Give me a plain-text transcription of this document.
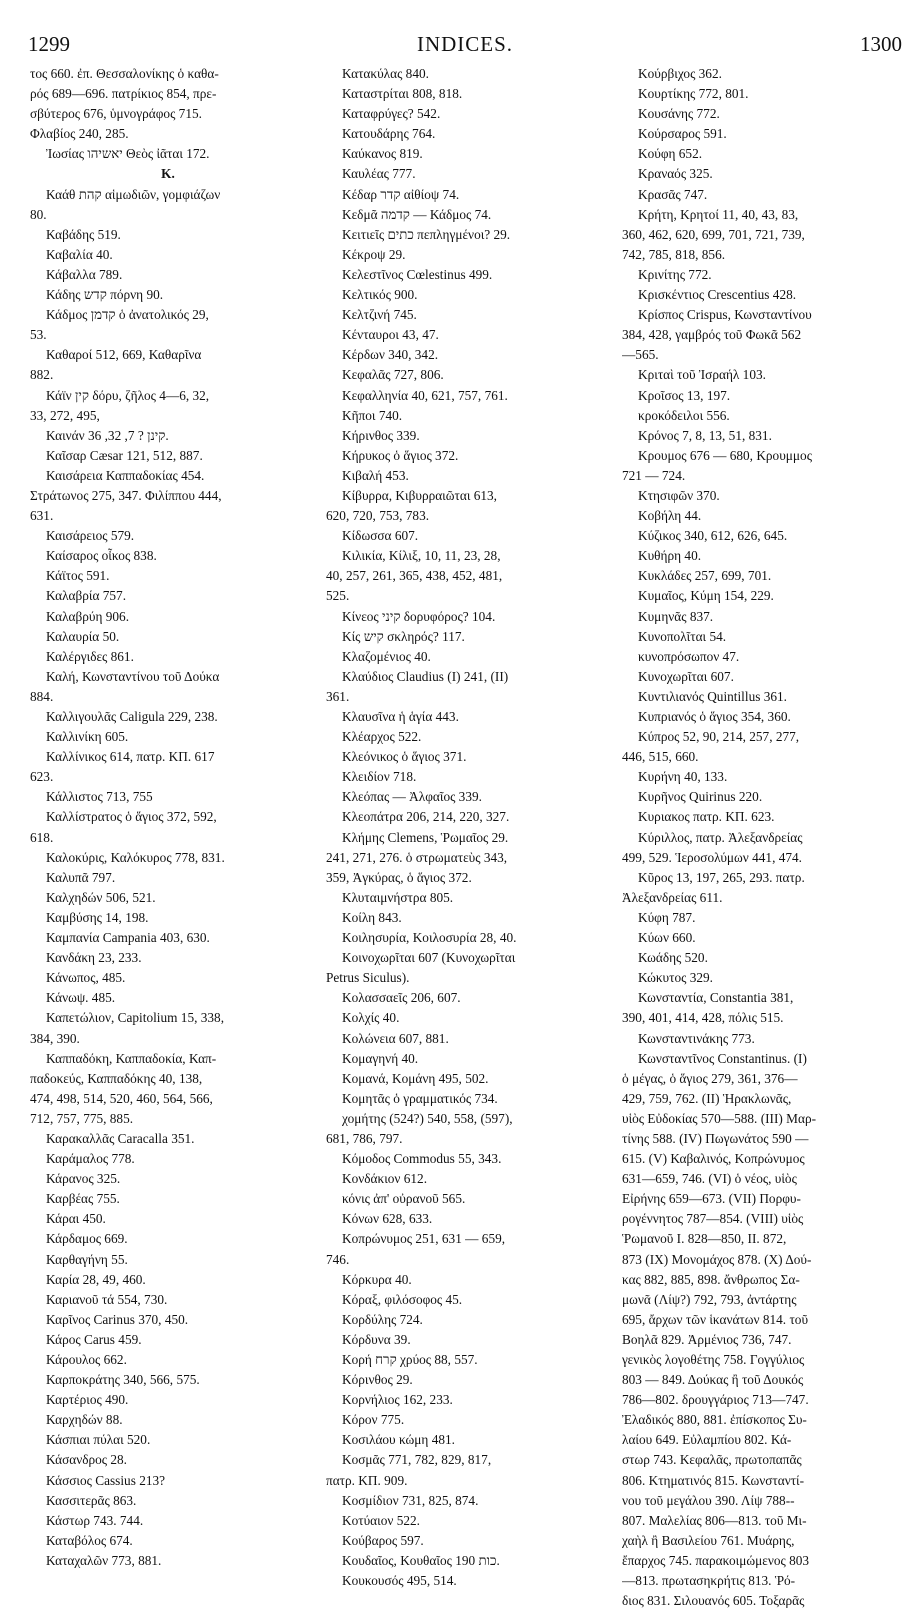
1299	INDICES.	1300
τος 660. ἐπ. Θεσσαλονίκης ὁ καθα-
ρός 689—696. πατρίκιος 854, πρε-
σβύτερος 676, ὑμνογράφος 715.
Φλαβίος 240, 285.
Ἰωσίας יאשיהו Θεὸς ἰᾶται 172.
K.
Καάθ קהת αἱμωδιῶν, γομφιάζων
80.
Καβάδης 519.
Καβαλία 40.
Κάβαλλα 789.
Κάδης קדש πόρνη 90.
Κάδμος קדמן ὁ ἀνατολικός 29,
53.
Καθαροί 512, 669, Καθαρῖνα
882.
Κάϊν קין δόρυ, ζῆλος 4—6, 32,
33, 272, 495,
Καινάν קינן ? 7, 32, 36.
Καῖσαρ Cæsar 121, 512, 887.
Καισάρεια Καππαδοκίας 454.
Στράτωνος 275, 347. Φιλίππου 444,
631.
Καισάρειος 579.
Καίσαρος οἶκος 838.
Κάϊτος 591.
Καλαβρία 757.
Καλαβρύη 906.
Καλαυρία 50.
Καλέργιδες 861.
Καλή, Κωνσταντίνου τοῦ Δούκα
884.
Καλλιγουλᾶς Caligula 229, 238.
Καλλινίκη 605.
Καλλίνικος 614, πατρ. ΚΠ. 617
623.
Κάλλιστος 713, 755
Καλλίστρατος ὁ ἅγιος 372, 592,
618.
Καλοκύρις, Καλόκυρος 778, 831.
Καλυπᾶ 797.
Καλχηδών 506, 521.
Καμβύσης 14, 198.
Καμπανία Campania 403, 630.
Κανδάκη 23, 233.
Κάνωπος, 485.
Κάνωψ. 485.
Καπετώλιον, Capitolium 15, 338,
384, 390.
Καππαδόκη, Καππαδοκία, Καπ-
παδοκεύς, Καππαδόκης 40, 138,
474, 498, 514, 520, 460, 564, 566,
712, 757, 775, 885.
Καρακαλλᾶς Caracalla 351.
Καράμαλος 778.
Κάρανος 325.
Καρβέας 755.
Κάραι 450.
Κάρδαμος 669.
Καρθαγήνη 55.
Καρία 28, 49, 460.
Καριανοῦ τά 554, 730.
Καρῖνος Carinus 370, 450.
Κάρος Carus 459.
Κάρουλος 662.
Καρποκράτης 340, 566, 575.
Καρτέριος 490.
Καρχηδών 88.
Κάσπιαι πύλαι 520.
Κάσανδρος 28.
Κάσσιος Cassius 213?
Κασσιτερᾶς 863.
Κάστωρ 743. 744.
Καταβόλος 674.
Καταχαλῶν 773, 881.
Κατακύλας 840.
Καταστρίται 808, 818.
Καταφρύγες? 542.
Κατουδάρης 764.
Καύκανος 819.
Καυλέας 777.
Κέδαρ קדר αἰθίοψ 74.
Κεδμᾶ קדמה — Κάδμος 74.
Κειτιεῖς כתים πεπληγμένοι? 29.
Κέκροψ 29.
Κελεστῖνος Cœlestinus 499.
Κελτικός 900.
Κελτζινή 745.
Κένταυροι 43, 47.
Κέρδων 340, 342.
Κεφαλᾶς 727, 806.
Κεφαλληνία 40, 621, 757, 761.
Κῆποι 740.
Κήρινθος 339.
Κήρυκος ὁ ἅγιος 372.
Κιβαλή 453.
Κίβυρρα, Κιβυρραιῶται 613,
620, 720, 753, 783.
Κίδωσσα 607.
Κιλικία, Κίλιξ, 10, 11, 23, 28,
40, 257, 261, 365, 438, 452, 481,
525.
Κίνεος קיני δορυφόρος? 104.
Κίς קיש σκληρός? 117.
Κλαζομένιος 40.
Κλαύδιος Claudius (I) 241, (II)
361.
Κλαυσῖνα ἡ ἁγία 443.
Κλέαρχος 522.
Κλεόνικος ὁ ἅγιος 371.
Κλειδίον 718.
Κλεόπας — Ἀλφαῖος 339.
Κλεοπάτρα 206, 214, 220, 327.
Κλήμης Clemens, Ῥωμαῖος 29.
241, 271, 276. ὁ στρωματεὺς 343,
359, Ἀγκύρας, ὁ ἅγιος 372.
Κλυταιμνήστρα 805.
Κοίλη 843.
Κοιλησυρία, Κοιλοσυρία 28, 40.
Κοινοχωρῖται 607 (Κυνοχωρῖται
Petrus Siculus).
Κολασσαεῖς 206, 607.
Κολχίς 40.
Κολώνεια 607, 881.
Κομαγηνή 40.
Κομανά, Κομάνη 495, 502.
Κομητᾶς ὁ γραμματικός 734.
χομήτης (524?) 540, 558, (597),
681, 786, 797.
Κόμοδος Commodus 55, 343.
Κονδάκιον 612.
κόνις ἀπ' οὐρανοῦ 565.
Κόνων 628, 633.
Κοπρώνυμος 251, 631 — 659,
746.
Κόρκυρα 40.
Κόραξ, φιλόσοφος 45.
Κορδύλης 724.
Κόρδυνα 39.
Κορή קרח χρύος 88, 557.
Κόρινθος 29.
Κορνήλιος 162, 233.
Κόρον 775.
Κοσιλάου κώμη 481.
Κοσμᾶς 771, 782, 829, 817,
πατρ. ΚΠ. 909.
Κοσμίδιον 731, 825, 874.
Κοτύαιον 522.
Κούβαρος 597.
Κουδαῖος, Κουθαῖος כות 190.
Κουκουσός 495, 514.
Κούρβιχος 362.
Κουρτίκης 772, 801.
Κουσάνης 772.
Κούρσαρος 591.
Κούφη 652.
Κραναός 325.
Κρασᾶς 747.
Κρήτη, Κρητοί 11, 40, 43, 83,
360, 462, 620, 699, 701, 721, 739,
742, 785, 818, 856.
Κρινίτης 772.
Κρισκέντιος Crescentius 428.
Κρίσπος Crispus, Κωνσταντίνου
384, 428, γαμβρός τοῦ Φωκᾶ 562
—565.
Κριταὶ τοῦ Ἰσραήλ 103.
Κροῖσος 13, 197.
κροκόδειλοι 556.
Κρόνος 7, 8, 13, 51, 831.
Κρουμος 676 — 680, Κρουμμος
721 — 724.
Κτησιφῶν 370.
Κοβήλη 44.
Κύζικος 340, 612, 626, 645.
Κυθήρη 40.
Κυκλάδες 257, 699, 701.
Κυμαῖος, Κύμη 154, 229.
Κυμηνᾶς 837.
Κυνοπολῖται 54.
κυνοπρόσωπον 47.
Κυνοχωρῖται 607.
Κυντιλιανός Quintillus 361.
Κυπριανός ὁ ἅγιος 354, 360.
Κύπρος 52, 90, 214, 257, 277,
446, 515, 660.
Κυρήνη 40, 133.
Κυρῆνος Quirinus 220.
Κυριακος πατρ. ΚΠ. 623.
Κύριλλος, πατρ. Ἀλεξανδρείας
499, 529. Ἱεροσολύμων 441, 474.
Κῦρος 13, 197, 265, 293. πατρ.
Ἀλεξανδρείας 611.
Κύφη 787.
Κύων 660.
Κωάδης 520.
Κώκυτος 329.
Κωνσταντία, Constantia 381,
390, 401, 414, 428, πόλις 515.
Κωνσταντινάκης 773.
Κωνσταντῖνος Constantinus. (I)
ὁ μέγας, ὁ ἅγιος 279, 361, 376—
429, 759, 762. (II) Ἡρακλωνᾶς,
υἱὸς Εὐδοκίας 570—588. (III) Μαρ-
τίνης 588. (IV) Πωγωνάτος 590 —
615. (V) Καβαλινός, Κοπρώνυμος
631—659, 746. (VI) ὁ νέος, υἱὸς
Εἰρήνης 659—673. (VII) Πορφυ-
ρογέννητος 787—854. (VIII) υἱὸς
Ῥωμανοῦ I. 828—850, II. 872,
873 (IX) Μονομάχος 878. (X) Δού-
κας 882, 885, 898. ἄνθρωπος Σα-
μωνᾶ (Λίψ?) 792, 793, ἀντάρτης
695, ἄρχων τῶν ἱκανάτων 814. τοῦ
Βοηλᾶ 829. Ἀρμένιος 736, 747.
γενικὸς λογοθέτης 758. Γογγύλιος
803 — 849. Δούκας ἢ τοῦ Δουκός
786—802. δρουγγάριος 713—747.
Ἐλαδικός 880, 881. ἐπίσκοπος Συ-
λαίου 649. Εὐλαμπίου 802. Κά-
στωρ 743. Κεφαλᾶς, πρωτοπαπᾶς
806. Κτηματινός 815. Κωνσταντί-
νου τοῦ μεγάλου 390. Λίψ 788--
807. Μαλελίας 806—813. τοῦ Μι-
χαὴλ ἢ Βασιλείου 761. Μυάρης,
ἔπαρχος 745. παρακοιμώμενος 803
—813. πρωτασηκρήτις 813. Ῥό-
διος 831. Σιλουανός 605. Τοξαρᾶς
